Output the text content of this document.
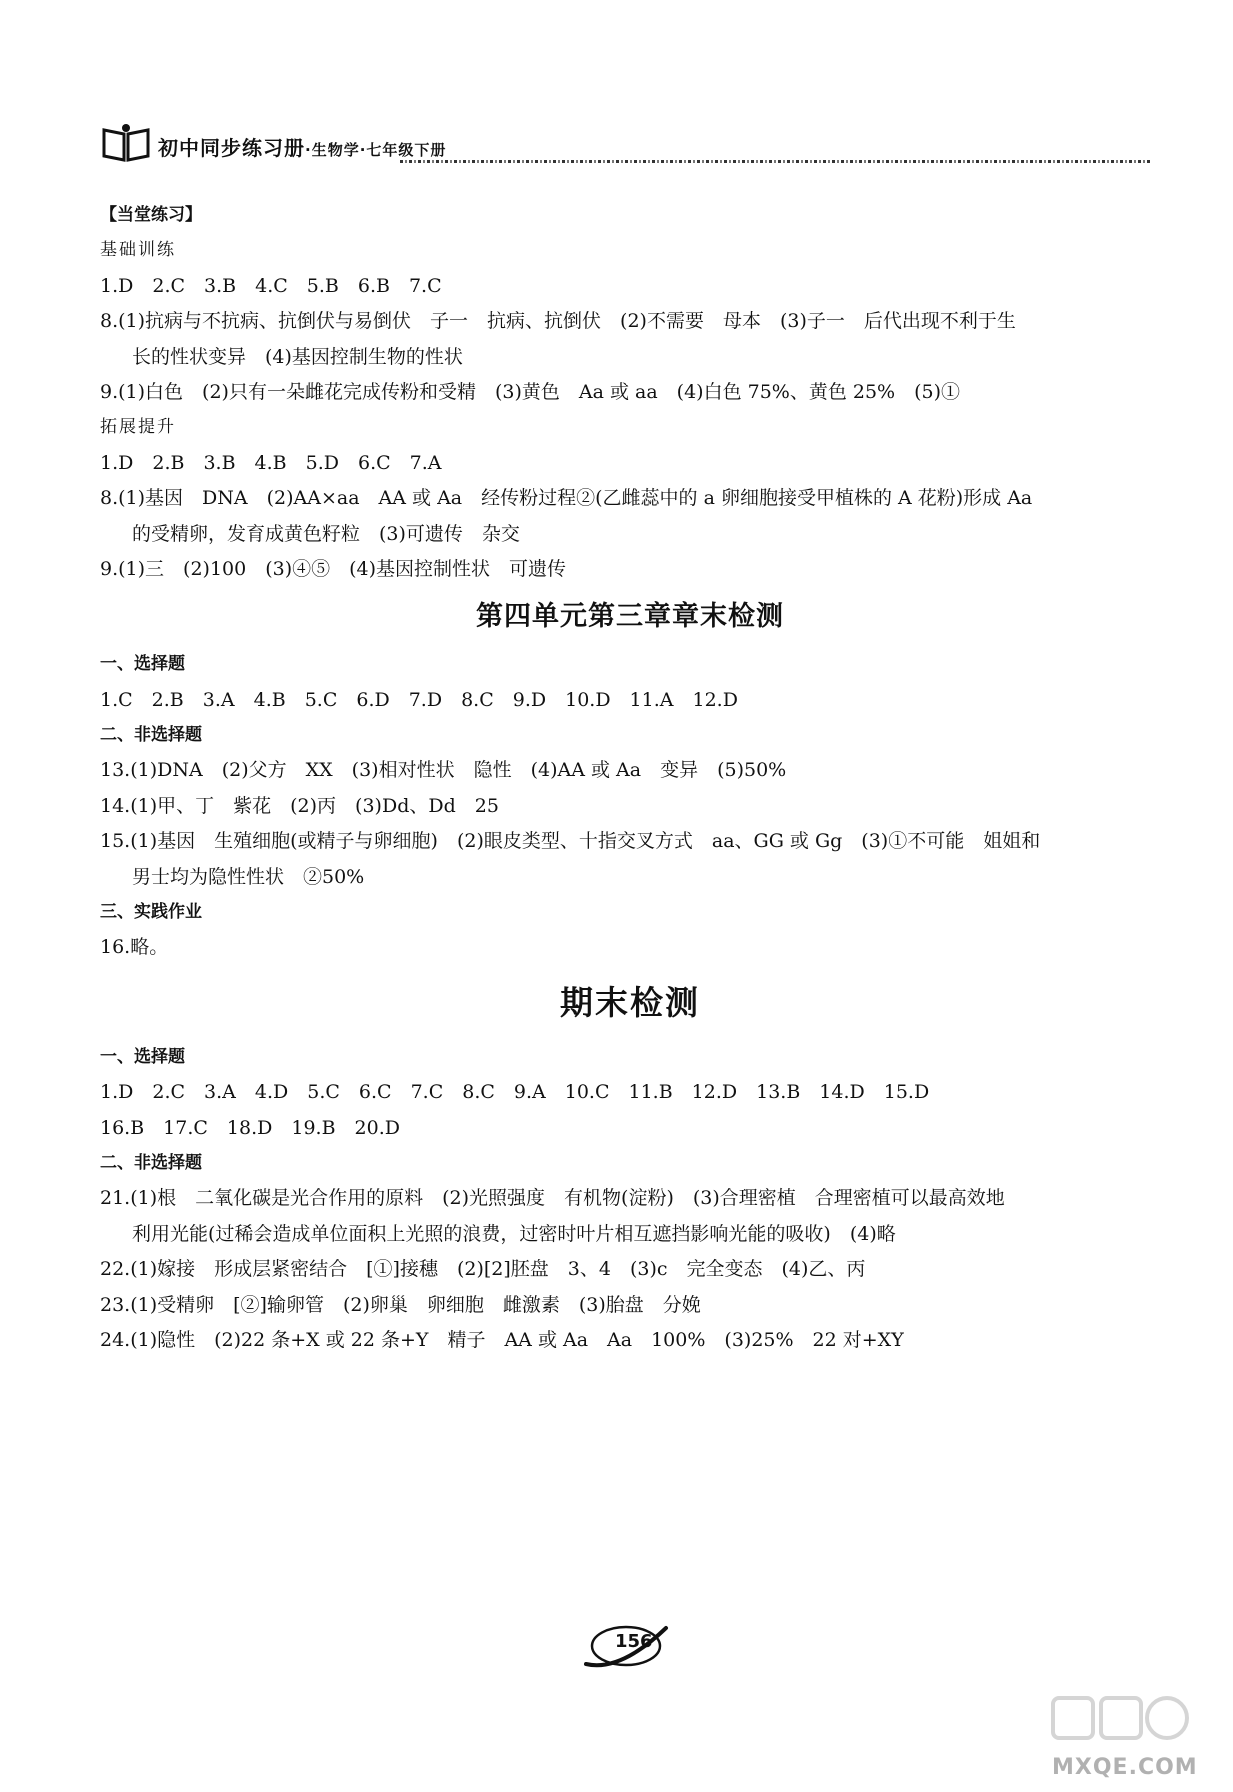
初中同步练习册·生物学·七年级下册
【当堂练习】
基础训练
1.D　2.C　3.B　4.C　5.B　6.B　7.C
8.(1)抗病与不抗病、抗倒伏与易倒伏　子一　抗病、抗倒伏　(2)不需要　母本　(3)子一　后代出现不利于生
长的性状变异　(4)基因控制生物的性状
9.(1)白色　(2)只有一朵雌花完成传粉和受精　(3)黄色　Aa 或 aa　(4)白色 75%、黄色 25%　(5)①
拓展提升
1.D　2.B　3.B　4.B　5.D　6.C　7.A
8.(1)基因　DNA　(2)AA×aa　AA 或 Aa　经传粉过程②(乙雌蕊中的 a 卵细胞接受甲植株的 A 花粉)形成 Aa
的受精卵，发育成黄色籽粒　(3)可遗传　杂交
9.(1)三　(2)100　(3)④⑤　(4)基因控制性状　可遗传
第四单元第三章章末检测
一、选择题
1.C　2.B　3.A　4.B　5.C　6.D　7.D　8.C　9.D　10.D　11.A　12.D
二、非选择题
13.(1)DNA　(2)父方　XX　(3)相对性状　隐性　(4)AA 或 Aa　变异　(5)50%
14.(1)甲、丁　紫花　(2)丙　(3)Dd、Dd　25
15.(1)基因　生殖细胞(或精子与卵细胞)　(2)眼皮类型、十指交叉方式　aa、GG 或 Gg　(3)①不可能　姐姐和
男士均为隐性性状　②50%
三、实践作业
16.略。
期末检测
一、选择题
1.D　2.C　3.A　4.D　5.C　6.C　7.C　8.C　9.A　10.C　11.B　12.D　13.B　14.D　15.D
16.B　17.C　18.D　19.B　20.D
二、非选择题
21.(1)根　二氧化碳是光合作用的原料　(2)光照强度　有机物(淀粉)　(3)合理密植　合理密植可以最高效地
利用光能(过稀会造成单位面积上光照的浪费，过密时叶片相互遮挡影响光能的吸收)　(4)略
22.(1)嫁接　形成层紧密结合　[①]接穗　(2)[2]胚盘　3、4　(3)c　完全变态　(4)乙、丙
23.(1)受精卵　[②]输卵管　(2)卵巢　卵细胞　雌激素　(3)胎盘　分娩
24.(1)隐性　(2)22 条+X 或 22 条+Y　精子　AA 或 Aa　Aa　100%　(3)25%　22 对+XY
156
MXQE.COM
